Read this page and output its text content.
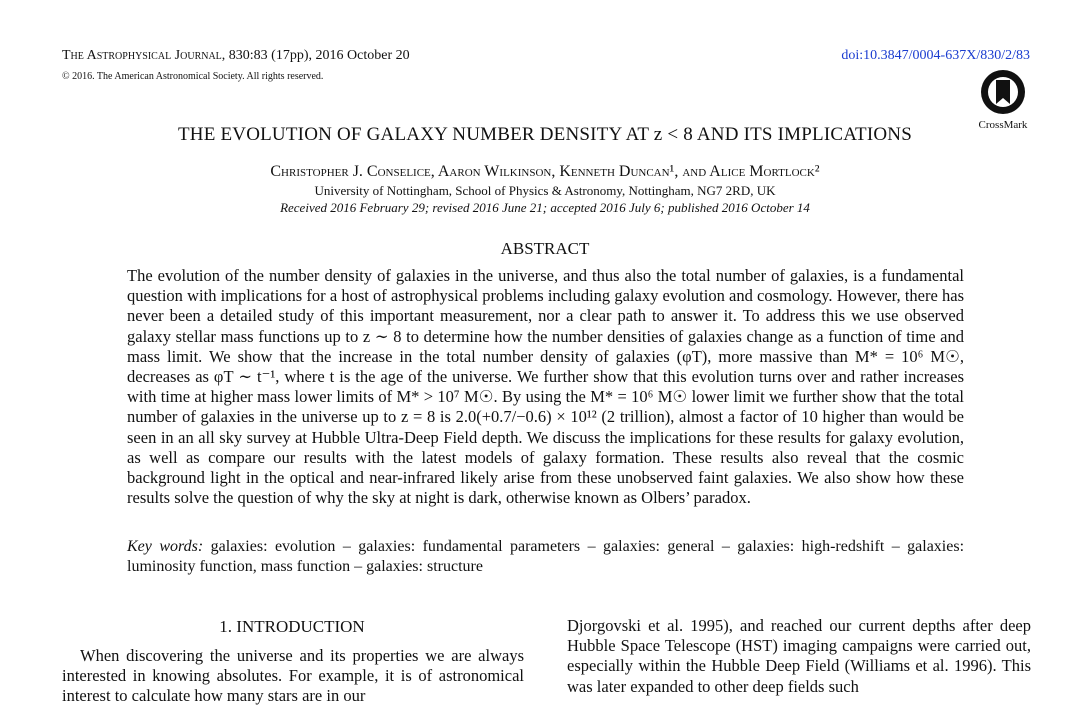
The Astrophysical Journal, 830:83 (17pp), 2016 October 20
© 2016. The American Astronomical Society. All rights reserved.
doi:10.3847/0004-637X/830/2/83
CrossMark
THE EVOLUTION OF GALAXY NUMBER DENSITY AT z < 8 AND ITS IMPLICATIONS
Christopher J. Conselice, Aaron Wilkinson, Kenneth Duncan¹, and Alice Mortlock²
University of Nottingham, School of Physics & Astronomy, Nottingham, NG7 2RD, UK
Received 2016 February 29; revised 2016 June 21; accepted 2016 July 6; published 2016 October 14
ABSTRACT
The evolution of the number density of galaxies in the universe, and thus also the total number of galaxies, is a fundamental question with implications for a host of astrophysical problems including galaxy evolution and cosmology. However, there has never been a detailed study of this important measurement, nor a clear path to answer it. To address this we use observed galaxy stellar mass functions up to z ∼ 8 to determine how the number densities of galaxies change as a function of time and mass limit. We show that the increase in the total number density of galaxies (φT), more massive than M* = 10⁶ M☉, decreases as φT ∼ t⁻¹, where t is the age of the universe. We further show that this evolution turns over and rather increases with time at higher mass lower limits of M* > 10⁷ M☉. By using the M* = 10⁶ M☉ lower limit we further show that the total number of galaxies in the universe up to z = 8 is 2.0(+0.7/−0.6) × 10¹² (2 trillion), almost a factor of 10 higher than would be seen in an all sky survey at Hubble Ultra-Deep Field depth. We discuss the implications for these results for galaxy evolution, as well as compare our results with the latest models of galaxy formation. These results also reveal that the cosmic background light in the optical and near-infrared likely arise from these unobserved faint galaxies. We also show how these results solve the question of why the sky at night is dark, otherwise known as Olbers’ paradox.
Key words: galaxies: evolution – galaxies: fundamental parameters – galaxies: general – galaxies: high-redshift – galaxies: luminosity function, mass function – galaxies: structure
1. INTRODUCTION
When discovering the universe and its properties we are always interested in knowing absolutes. For example, it is of astronomical interest to calculate how many stars are in our
Djorgovski et al. 1995), and reached our current depths after deep Hubble Space Telescope (HST) imaging campaigns were carried out, especially within the Hubble Deep Field (Williams et al. 1996). This was later expanded to other deep fields such
